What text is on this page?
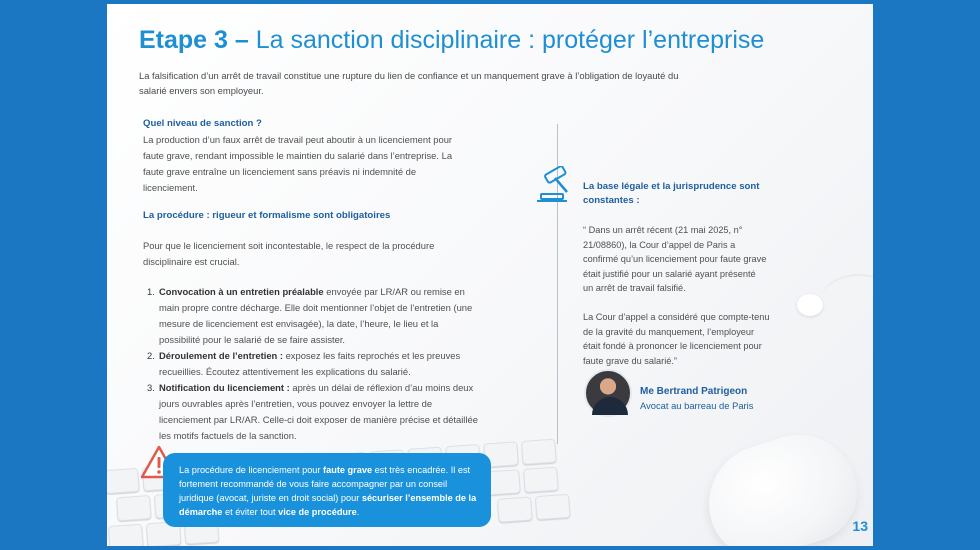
Etape 3 – La sanction disciplinaire : protéger l’entreprise
La falsification d’un arrêt de travail constitue une rupture du lien de confiance et un manquement grave à l’obligation de loyauté du salarié envers son employeur.
Quel niveau de sanction ?
La production d’un faux arrêt de travail peut aboutir à un licenciement pour faute grave, rendant impossible le maintien du salarié dans l’entreprise. La faute grave entraîne un licenciement sans préavis ni indemnité de licenciement.
La procédure : rigueur et formalisme sont obligatoires
Pour que le licenciement soit incontestable, le respect de la procédure disciplinaire est crucial.
1. Convocation à un entretien préalable envoyée par LR/AR ou remise en main propre contre décharge. Elle doit mentionner l’objet de l’entretien (une mesure de licenciement est envisagée), la date, l’heure, le lieu et la possibilité pour le salarié de se faire assister.
2. Déroulement de l’entretien : exposez les faits reprochés et les preuves recueillies. Écoutez attentivement les explications du salarié.
3. Notification du licenciement : après un délai de réflexion d’au moins deux jours ouvrables après l’entretien, vous pouvez envoyer la lettre de licenciement par LR/AR. Celle-ci doit exposer de manière précise et détaillée les motifs factuels de la sanction.
La base légale et la jurisprudence sont constantes :
“ Dans un arrêt récent (21 mai 2025, n° 21/08860), la Cour d’appel de Paris a confirmé qu’un licenciement pour faute grave était justifié pour un salarié ayant présenté un arrêt de travail falsifié.
La Cour d’appel a considéré que compte-tenu de la gravité du manquement, l’employeur était fondé à prononcer le licenciement pour faute grave du salarié.”
Me Bertrand Patrigeon
Avocat au barreau de Paris
La procédure de licenciement pour faute grave est très encadrée. Il est fortement recommandé de vous faire accompagner par un conseil juridique (avocat, juriste en droit social) pour sécuriser l’ensemble de la démarche et éviter tout vice de procédure.
13
